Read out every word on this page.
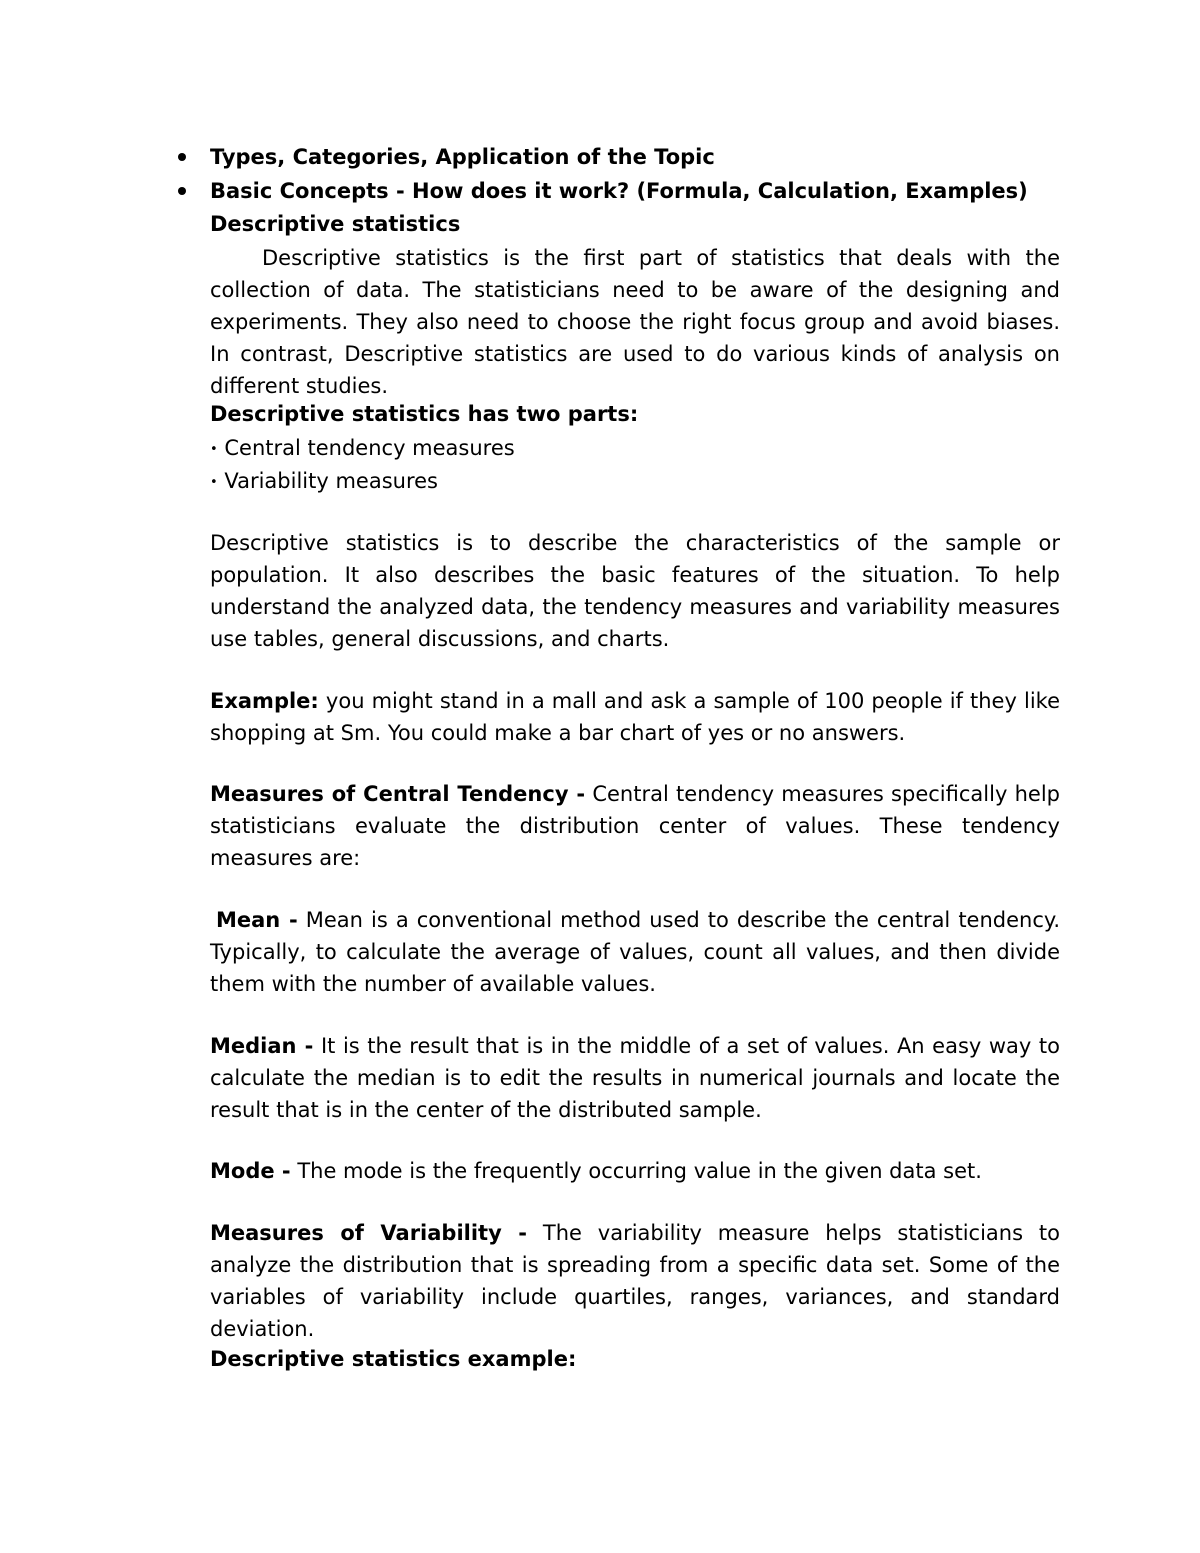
Types, Categories, Application of the Topic
Basic Concepts - How does it work? (Formula, Calculation, Examples)
Descriptive statistics

Descriptive statistics is the first part of statistics that deals with the collection of data. The statisticians need to be aware of the designing and experiments. They also need to choose the right focus group and avoid biases. In contrast, Descriptive statistics are used to do various kinds of analysis on different studies.

Descriptive statistics has two parts:
• Central tendency measures
• Variability measures

Descriptive statistics is to describe the characteristics of the sample or population. It also describes the basic features of the situation. To help understand the analyzed data, the tendency measures and variability measures use tables, general discussions, and charts.

Example: you might stand in a mall and ask a sample of 100 people if they like shopping at Sm. You could make a bar chart of yes or no answers.

Measures of Central Tendency - Central tendency measures specifically help statisticians evaluate the distribution center of values. These tendency measures are:

Mean - Mean is a conventional method used to describe the central tendency. Typically, to calculate the average of values, count all values, and then divide them with the number of available values.

Median - It is the result that is in the middle of a set of values. An easy way to calculate the median is to edit the results in numerical journals and locate the result that is in the center of the distributed sample.

Mode - The mode is the frequently occurring value in the given data set.

Measures of Variability - The variability measure helps statisticians to analyze the distribution that is spreading from a specific data set. Some of the variables of variability include quartiles, ranges, variances, and standard deviation.

Descriptive statistics example:
